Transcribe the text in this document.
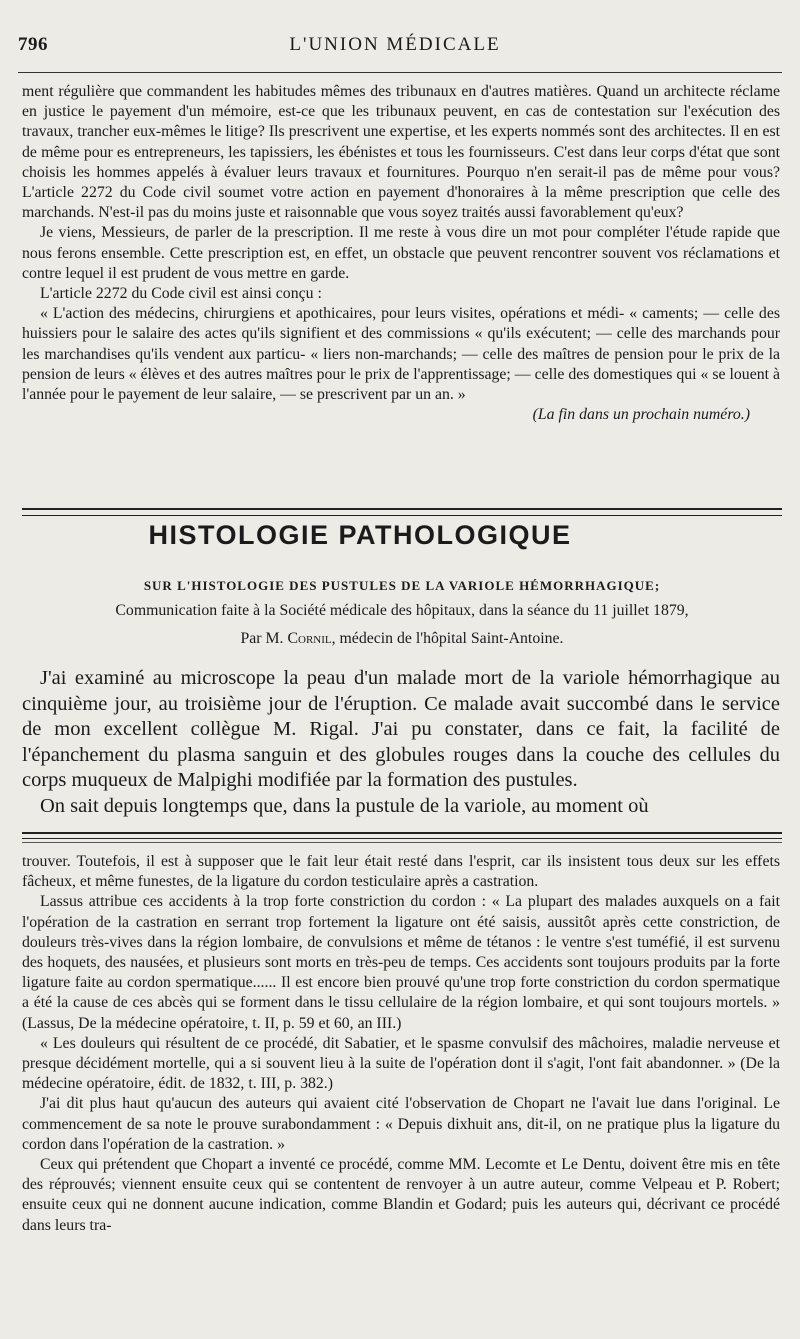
796	L'UNION MÉDICALE

ment régulière que commandent les habitudes mêmes des tribunaux en d'autres matières. Quand un architecte réclame en justice le payement d'un mémoire, est-ce que les tribunaux peuvent, en cas de contestation sur l'exécution des travaux, trancher eux-mêmes le litige? Ils prescrivent une expertise, et les experts nommés sont des architectes. Il en est de même pour es entrepreneurs, les tapissiers, les ébénistes et tous les fournisseurs. C'est dans leur corps d'état que sont choisis les hommes appelés à évaluer leurs travaux et fournitures. Pourquo n'en serait-il pas de même pour vous? L'article 2272 du Code civil soumet votre action en payement d'honoraires à la même prescription que celle des marchands. N'est-il pas du moins juste et raisonnable que vous soyez traités aussi favorablement qu'eux?

Je viens, Messieurs, de parler de la prescription. Il me reste à vous dire un mot pour compléter l'étude rapide que nous ferons ensemble. Cette prescription est, en effet, un obstacle que peuvent rencontrer souvent vos réclamations et contre lequel il est prudent de vous mettre en garde.

L'article 2272 du Code civil est ainsi conçu :

« L'action des médecins, chirurgiens et apothicaires, pour leurs visites, opérations et médi- « caments; — celle des huissiers pour le salaire des actes qu'ils signifient et des commissions « qu'ils exécutent; — celle des marchands pour les marchandises qu'ils vendent aux particu- « liers non-marchands; — celle des maîtres de pension pour le prix de la pension de leurs « élèves et des autres maîtres pour le prix de l'apprentissage; — celle des domestiques qui « se louent à l'année pour le payement de leur salaire, — se prescrivent par un an. »

(La fin dans un prochain numéro.)

HISTOLOGIE PATHOLOGIQUE
SUR L'HISTOLOGIE DES PUSTULES DE LA VARIOLE HÉMORRHAGIQUE;
Communication faite à la Société médicale des hôpitaux, dans la séance du 11 juillet 1879,
Par M. Cornil, médecin de l'hôpital Saint-Antoine.

J'ai examiné au microscope la peau d'un malade mort de la variole hémorrhagique au cinquième jour, au troisième jour de l'éruption. Ce malade avait succombé dans le service de mon excellent collègue M. Rigal. J'ai pu constater, dans ce fait, la facilité de l'épanchement du plasma sanguin et des globules rouges dans la couche des cellules du corps muqueux de Malpighi modifiée par la formation des pustules.

On sait depuis longtemps que, dans la pustule de la variole, au moment où

trouver. Toutefois, il est à supposer que le fait leur était resté dans l'esprit, car ils insistent tous deux sur les effets fâcheux, et même funestes, de la ligature du cordon testiculaire après a castration.

Lassus attribue ces accidents à la trop forte constriction du cordon : « La plupart des malades auxquels on a fait l'opération de la castration en serrant trop fortement la ligature ont été saisis, aussitôt après cette constriction, de douleurs très-vives dans la région lombaire, de convulsions et même de tétanos : le ventre s'est tuméfié, il est survenu des hoquets, des nausées, et plusieurs sont morts en très-peu de temps. Ces accidents sont toujours produits par la forte ligature faite au cordon spermatique...... Il est encore bien prouvé qu'une trop forte constriction du cordon spermatique a été la cause de ces abcès qui se forment dans le tissu cellulaire de la région lombaire, et qui sont toujours mortels. » (Lassus, De la médecine opératoire, t. II, p. 59 et 60, an III.)

« Les douleurs qui résultent de ce procédé, dit Sabatier, et le spasme convulsif des mâchoires, maladie nerveuse et presque décidément mortelle, qui a si souvent lieu à la suite de l'opération dont il s'agit, l'ont fait abandonner. » (De la médecine opératoire, édit. de 1832, t. III, p. 382.)

J'ai dit plus haut qu'aucun des auteurs qui avaient cité l'observation de Chopart ne l'avait lue dans l'original. Le commencement de sa note le prouve surabondamment : « Depuis dixhuit ans, dit-il, on ne pratique plus la ligature du cordon dans l'opération de la castration. »

Ceux qui prétendent que Chopart a inventé ce procédé, comme MM. Lecomte et Le Dentu, doivent être mis en tête des réprouvés; viennent ensuite ceux qui se contentent de renvoyer à un autre auteur, comme Velpeau et P. Robert; ensuite ceux qui ne donnent aucune indication, comme Blandin et Godard; puis les auteurs qui, décrivant ce procédé dans leurs tra-
